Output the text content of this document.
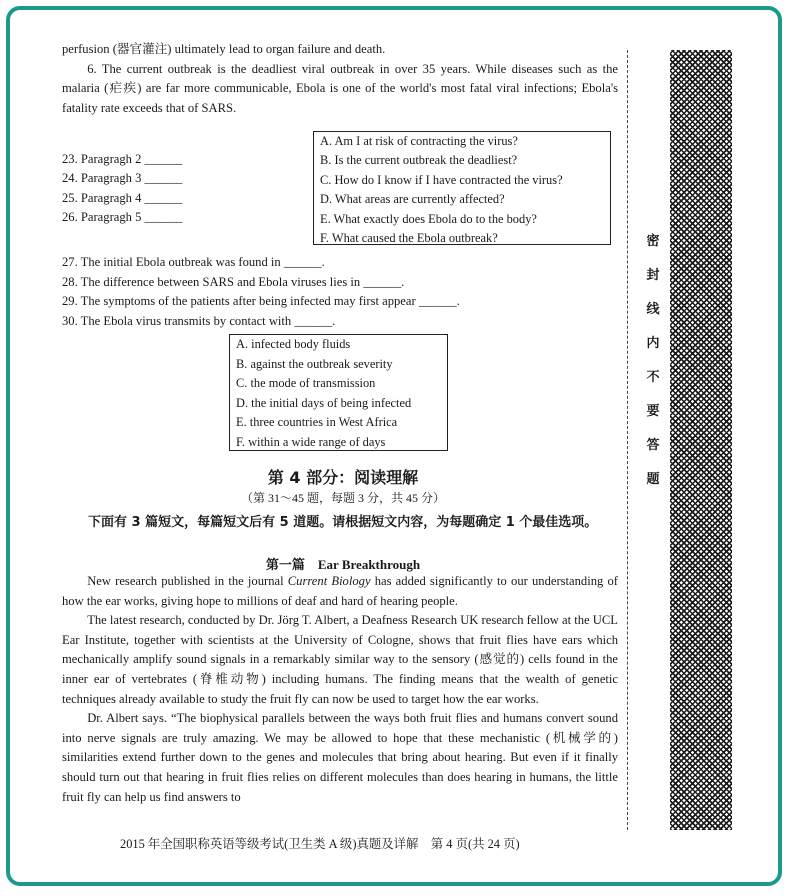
perfusion (器官灌注) ultimately lead to organ failure and death.

6. The current outbreak is the deadliest viral outbreak in over 35 years. While diseases such as the malaria (疟疾) are far more communicable, Ebola is one of the world's most fatal viral infections; Ebola's fatality rate exceeds that of SARS.

23. Paragragh 2 ______

24. Paragragh 3 ______

25. Paragragh 4 ______

26. Paragragh 5 ______

A. Am I at risk of contracting the virus?
B. Is the current outbreak the deadliest?
C. How do I know if I have contracted the virus?
D. What areas are currently affected?
E. What exactly does Ebola do to the body?
F. What caused the Ebola outbreak?

27. The initial Ebola outbreak was found in ______.

28. The difference between SARS and Ebola viruses lies in ______.

29. The symptoms of the patients after being infected may first appear ______.

30. The Ebola virus transmits by contact with ______.

A. infected body fluids
B. against the outbreak severity
C. the mode of transmission
D. the initial days of being infected
E. three countries in West Africa
F. within a wide range of days
第 4 部分：阅读理解
（第 31～45 题，每题 3 分，共 45 分）

下面有 3 篇短文，每篇短文后有 5 道题。请根据短文内容，为每题确定 1 个最佳选项。

第一篇　Ear Breakthrough

New research published in the journal Current Biology has added significantly to our understanding of how the ear works, giving hope to millions of deaf and hard of hearing people.

The latest research, conducted by Dr. Jörg T. Albert, a Deafness Research UK research fellow at the UCL Ear Institute, together with scientists at the University of Cologne, shows that fruit flies have ears which mechanically amplify sound signals in a remarkably similar way to the sensory (感觉的) cells found in the inner ear of vertebrates (脊椎动物) including humans. The finding means that the wealth of genetic techniques already available to study the fruit fly can now be used to target how the ear works.

Dr. Albert says. “The biophysical parallels between the ways both fruit flies and humans convert sound into nerve signals are truly amazing. We may be allowed to hope that these mechanistic (机械学的) similarities extend further down to the genes and molecules that bring about hearing. But even if it finally should turn out that hearing in fruit flies relies on different molecules than does hearing in humans, the little fruit fly can help us find answers to

2015 年全国职称英语等级考试(卫生类 A 级)真题及详解　第 4 页(共 24 页)
密
封
线
内
不
要
答
题
